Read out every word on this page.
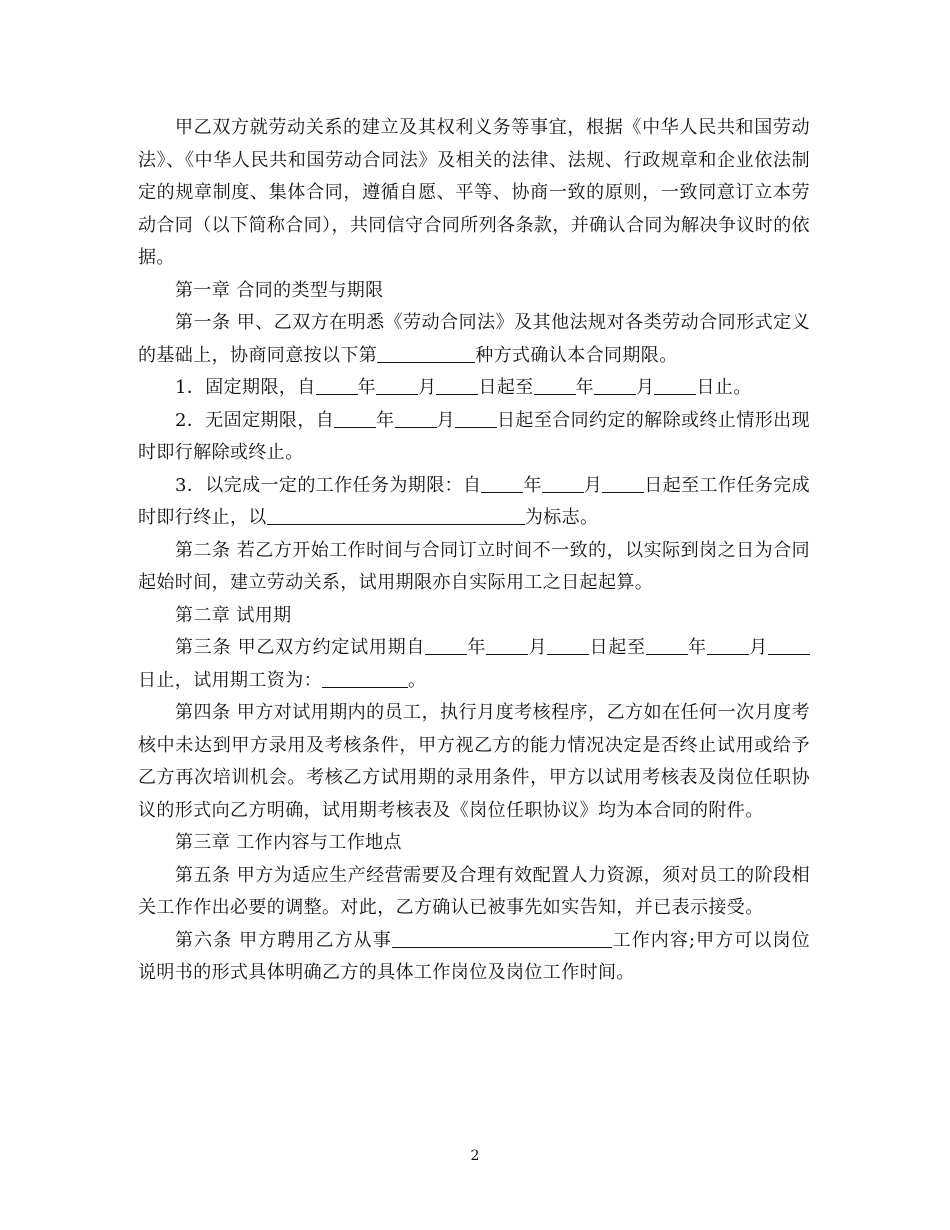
甲乙双方就劳动关系的建立及其权利义务等事宜，根据《中华人民共和国劳动法》、《中华人民共和国劳动合同法》及相关的法律、法规、行政规章和企业依法制定的规章制度、集体合同，遵循自愿、平等、协商一致的原则，一致同意订立本劳动合同（以下简称合同），共同信守合同所列各条款，并确认合同为解决争议时的依据。

第一章 合同的类型与期限

第一条 甲、乙双方在明悉《劳动合同法》及其他法规对各类劳动合同形式定义的基础上，协商同意按以下第	种方式确认本合同期限。

1．固定期限，自 年 月 日起至 年 月 日止。

2．无固定期限，自 年 月 日起至合同约定的解除或终止情形出现时即行解除或终止。

3．以完成一定的工作任务为期限：自 年 月 日起至工作任务完成时即行终止，以	为标志。

第二条 若乙方开始工作时间与合同订立时间不一致的，以实际到岗之日为合同起始时间，建立劳动关系，试用期限亦自实际用工之日起起算。

第二章 试用期

第三条 甲乙双方约定试用期自 年 月 日起至 年 月日止，试用期工资为：	。

第四条 甲方对试用期内的员工，执行月度考核程序，乙方如在任何一次月度考核中未达到甲方录用及考核条件，甲方视乙方的能力情况决定是否终止试用或给予乙方再次培训机会。考核乙方试用期的录用条件，甲方以试用考核表及岗位任职协议的形式向乙方明确，试用期考核表及《岗位任职协议》均为本合同的附件。

第三章 工作内容与工作地点

第五条 甲方为适应生产经营需要及合理有效配置人力资源，须对员工的阶段相关工作作出必要的调整。对此，乙方确认已被事先如实告知，并已表示接受。

第六条 甲方聘用乙方从事	工作内容;甲方可以岗位说明书的形式具体明确乙方的具体工作岗位及岗位工作时间。

2
